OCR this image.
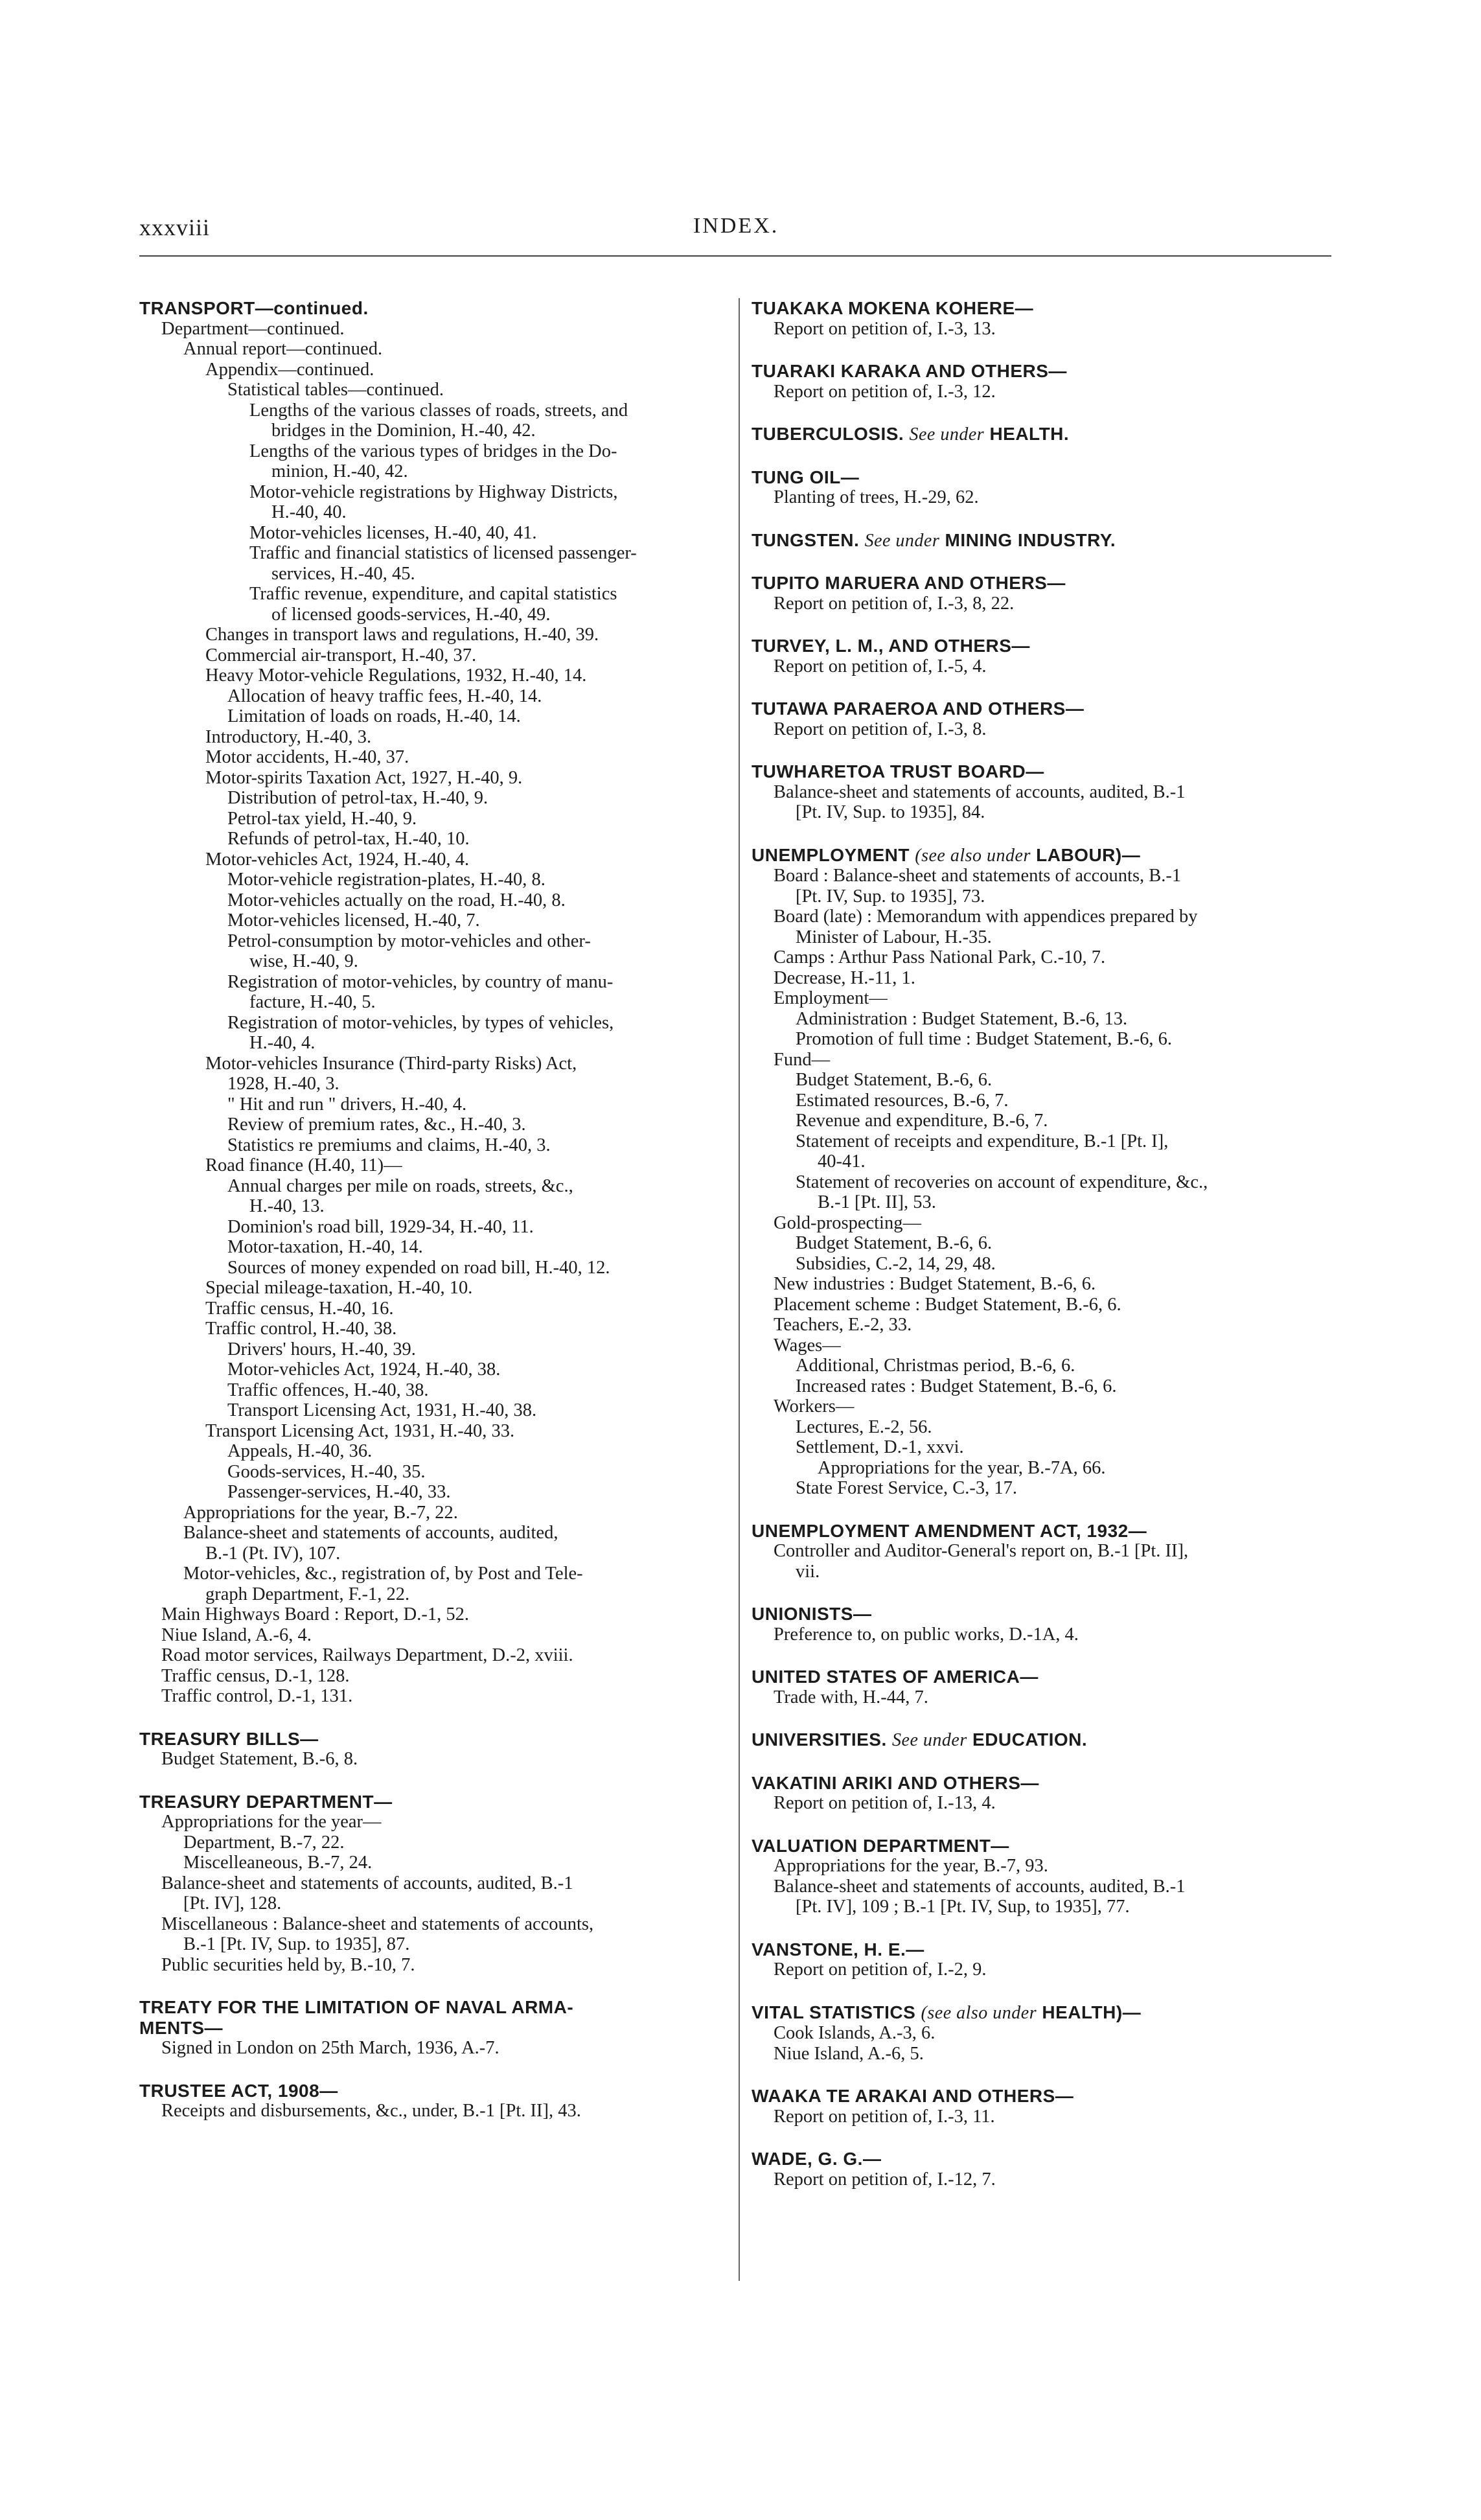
xxxviii	INDEX.
TRANSPORT—continued.
Department—continued.
Annual report—continued.
Appendix—continued.
Statistical tables—continued.
Lengths of the various classes of roads, streets, and
bridges in the Dominion, H.-40, 42.
Lengths of the various types of bridges in the Do-
minion, H.-40, 42.
Motor-vehicle registrations by Highway Districts,
H.-40, 40.
Motor-vehicles licenses, H.-40, 40, 41.
Traffic and financial statistics of licensed passenger-
services, H.-40, 45.
Traffic revenue, expenditure, and capital statistics
of licensed goods-services, H.-40, 49.
Changes in transport laws and regulations, H.-40, 39.
Commercial air-transport, H.-40, 37.
Heavy Motor-vehicle Regulations, 1932, H.-40, 14.
Allocation of heavy traffic fees, H.-40, 14.
Limitation of loads on roads, H.-40, 14.
Introductory, H.-40, 3.
Motor accidents, H.-40, 37.
Motor-spirits Taxation Act, 1927, H.-40, 9.
Distribution of petrol-tax, H.-40, 9.
Petrol-tax yield, H.-40, 9.
Refunds of petrol-tax, H.-40, 10.
Motor-vehicles Act, 1924, H.-40, 4.
Motor-vehicle registration-plates, H.-40, 8.
Motor-vehicles actually on the road, H.-40, 8.
Motor-vehicles licensed, H.-40, 7.
Petrol-consumption by motor-vehicles and other-
wise, H.-40, 9.
Registration of motor-vehicles, by country of manu-
facture, H.-40, 5.
Registration of motor-vehicles, by types of vehicles,
H.-40, 4.
Motor-vehicles Insurance (Third-party Risks) Act,
1928, H.-40, 3.
" Hit and run " drivers, H.-40, 4.
Review of premium rates, &c., H.-40, 3.
Statistics re premiums and claims, H.-40, 3.
Road finance (H.40, 11)—
Annual charges per mile on roads, streets, &c.,
H.-40, 13.
Dominion's road bill, 1929-34, H.-40, 11.
Motor-taxation, H.-40, 14.
Sources of money expended on road bill, H.-40, 12.
Special mileage-taxation, H.-40, 10.
Traffic census, H.-40, 16.
Traffic control, H.-40, 38.
Drivers' hours, H.-40, 39.
Motor-vehicles Act, 1924, H.-40, 38.
Traffic offences, H.-40, 38.
Transport Licensing Act, 1931, H.-40, 38.
Transport Licensing Act, 1931, H.-40, 33.
Appeals, H.-40, 36.
Goods-services, H.-40, 35.
Passenger-services, H.-40, 33.
Appropriations for the year, B.-7, 22.
Balance-sheet and statements of accounts, audited,
B.-1 (Pt. IV), 107.
Motor-vehicles, &c., registration of, by Post and Tele-
graph Department, F.-1, 22.
Main Highways Board : Report, D.-1, 52.
Niue Island, A.-6, 4.
Road motor services, Railways Department, D.-2, xviii.
Traffic census, D.-1, 128.
Traffic control, D.-1, 131.
TREASURY BILLS—
Budget Statement, B.-6, 8.
TREASURY DEPARTMENT—
Appropriations for the year—
Department, B.-7, 22.
Miscelleaneous, B.-7, 24.
Balance-sheet and statements of accounts, audited, B.-1
[Pt. IV], 128.
Miscellaneous : Balance-sheet and statements of accounts,
B.-1 [Pt. IV, Sup. to 1935], 87.
Public securities held by, B.-10, 7.
TREATY FOR THE LIMITATION OF NAVAL ARMA-
MENTS—
Signed in London on 25th March, 1936, A.-7.
TRUSTEE ACT, 1908—
Receipts and disbursements, &c., under, B.-1 [Pt. II], 43.
TUAKAKA MOKENA KOHERE—
Report on petition of, I.-3, 13.
TUARAKI KARAKA AND OTHERS—
Report on petition of, I.-3, 12.
TUBERCULOSIS. See under HEALTH.
TUNG OIL—
Planting of trees, H.-29, 62.
TUNGSTEN. See under MINING INDUSTRY.
TUPITO MARUERA AND OTHERS—
Report on petition of, I.-3, 8, 22.
TURVEY, L. M., AND OTHERS—
Report on petition of, I.-5, 4.
TUTAWA PARAEROA AND OTHERS—
Report on petition of, I.-3, 8.
TUWHARETOA TRUST BOARD—
Balance-sheet and statements of accounts, audited, B.-1
[Pt. IV, Sup. to 1935], 84.
UNEMPLOYMENT (see also under LABOUR)—
Board : Balance-sheet and statements of accounts, B.-1
[Pt. IV, Sup. to 1935], 73.
Board (late) : Memorandum with appendices prepared by
Minister of Labour, H.-35.
Camps : Arthur Pass National Park, C.-10, 7.
Decrease, H.-11, 1.
Employment—
Administration : Budget Statement, B.-6, 13.
Promotion of full time : Budget Statement, B.-6, 6.
Fund—
Budget Statement, B.-6, 6.
Estimated resources, B.-6, 7.
Revenue and expenditure, B.-6, 7.
Statement of receipts and expenditure, B.-1 [Pt. I],
40-41.
Statement of recoveries on account of expenditure, &c.,
B.-1 [Pt. II], 53.
Gold-prospecting—
Budget Statement, B.-6, 6.
Subsidies, C.-2, 14, 29, 48.
New industries : Budget Statement, B.-6, 6.
Placement scheme : Budget Statement, B.-6, 6.
Teachers, E.-2, 33.
Wages—
Additional, Christmas period, B.-6, 6.
Increased rates : Budget Statement, B.-6, 6.
Workers—
Lectures, E.-2, 56.
Settlement, D.-1, xxvi.
Appropriations for the year, B.-7A, 66.
State Forest Service, C.-3, 17.
UNEMPLOYMENT AMENDMENT ACT, 1932—
Controller and Auditor-General's report on, B.-1 [Pt. II],
vii.
UNIONISTS—
Preference to, on public works, D.-1A, 4.
UNITED STATES OF AMERICA—
Trade with, H.-44, 7.
UNIVERSITIES. See under EDUCATION.
VAKATINI ARIKI AND OTHERS—
Report on petition of, I.-13, 4.
VALUATION DEPARTMENT—
Appropriations for the year, B.-7, 93.
Balance-sheet and statements of accounts, audited, B.-1
[Pt. IV], 109 ; B.-1 [Pt. IV, Sup, to 1935], 77.
VANSTONE, H. E.—
Report on petition of, I.-2, 9.
VITAL STATISTICS (see also under HEALTH)—
Cook Islands, A.-3, 6.
Niue Island, A.-6, 5.
WAAKA TE ARAKAI AND OTHERS—
Report on petition of, I.-3, 11.
WADE, G. G.—
Report on petition of, I.-12, 7.
